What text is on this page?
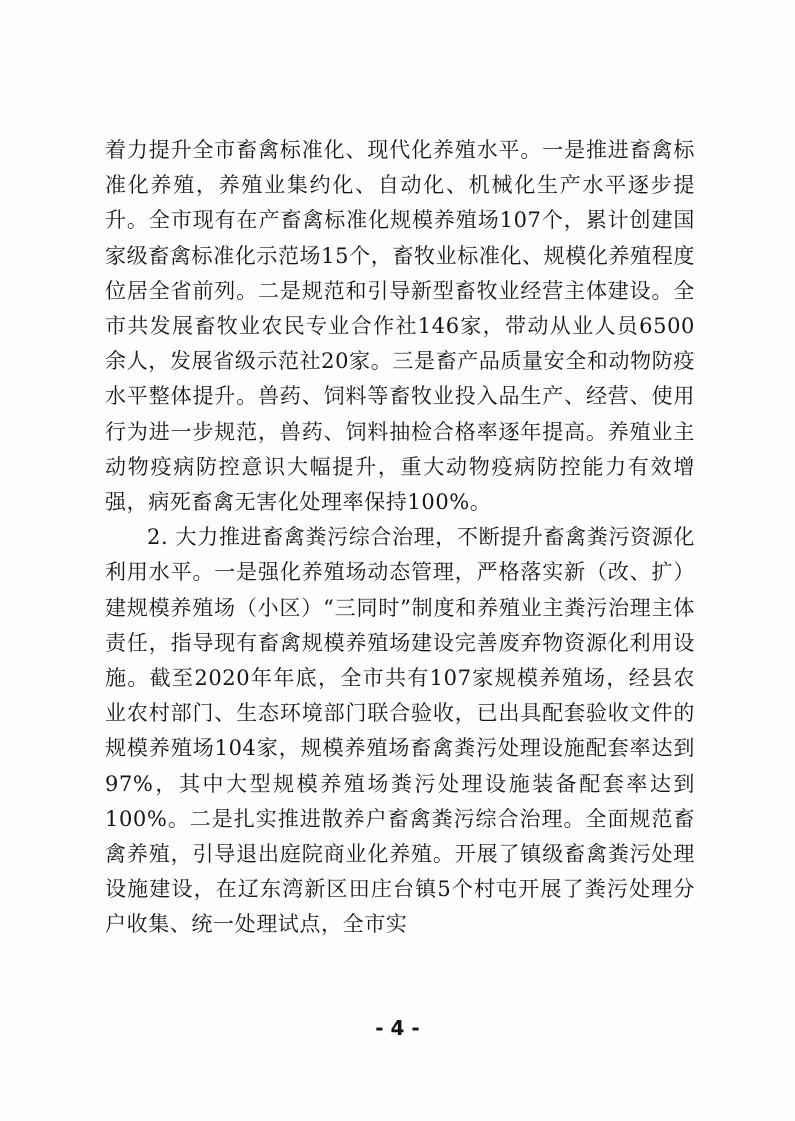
着力提升全市畜禽标准化、现代化养殖水平。一是推进畜禽标准化养殖，养殖业集约化、自动化、机械化生产水平逐步提升。全市现有在产畜禽标准化规模养殖场107个，累计创建国家级畜禽标准化示范场15个，畜牧业标准化、规模化养殖程度位居全省前列。二是规范和引导新型畜牧业经营主体建设。全市共发展畜牧业农民专业合作社146家，带动从业人员6500余人，发展省级示范社20家。三是畜产品质量安全和动物防疫水平整体提升。兽药、饲料等畜牧业投入品生产、经营、使用行为进一步规范，兽药、饲料抽检合格率逐年提高。养殖业主动物疫病防控意识大幅提升，重大动物疫病防控能力有效增强，病死畜禽无害化处理率保持100%。

2. 大力推进畜禽粪污综合治理，不断提升畜禽粪污资源化利用水平。一是强化养殖场动态管理，严格落实新（改、扩）建规模养殖场（小区）“三同时”制度和养殖业主粪污治理主体责任，指导现有畜禽规模养殖场建设完善废弃物资源化利用设施。截至2020年年底，全市共有107家规模养殖场，经县农业农村部门、生态环境部门联合验收，已出具配套验收文件的规模养殖场104家，规模养殖场畜禽粪污处理设施配套率达到97%，其中大型规模养殖场粪污处理设施装备配套率达到100%。二是扎实推进散养户畜禽粪污综合治理。全面规范畜禽养殖，引导退出庭院商业化养殖。开展了镇级畜禽粪污处理设施建设，在辽东湾新区田庄台镇5个村屯开展了粪污处理分户收集、统一处理试点，全市实

- 4 -
